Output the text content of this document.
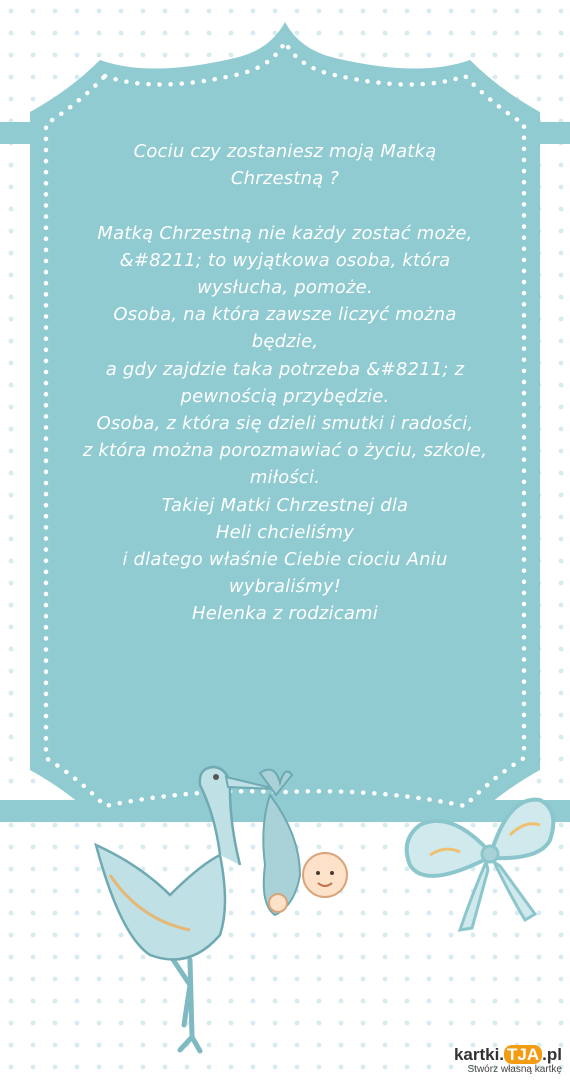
Cociu czy zostaniesz moją Matką
Chrzestną ?
Matką Chrzestną nie każdy zostać może,
&#8211; to wyjątkowa osoba, która
wysłucha, pomoże.
Osoba, na która zawsze liczyć można
będzie,
a gdy zajdzie taka potrzeba &#8211; z
pewnością przybędzie.
Osoba, z która się dzieli smutki i radości,
z która można porozmawiać o życiu, szkole,
miłości.
Takiej Matki Chrzestnej dla
Heli chcieliśmy
i dlatego właśnie Ciebie ciociu Aniu
wybraliśmy!
Helenka z rodzicami
kartki. TJA .pl
Stwórz własną kartkę
